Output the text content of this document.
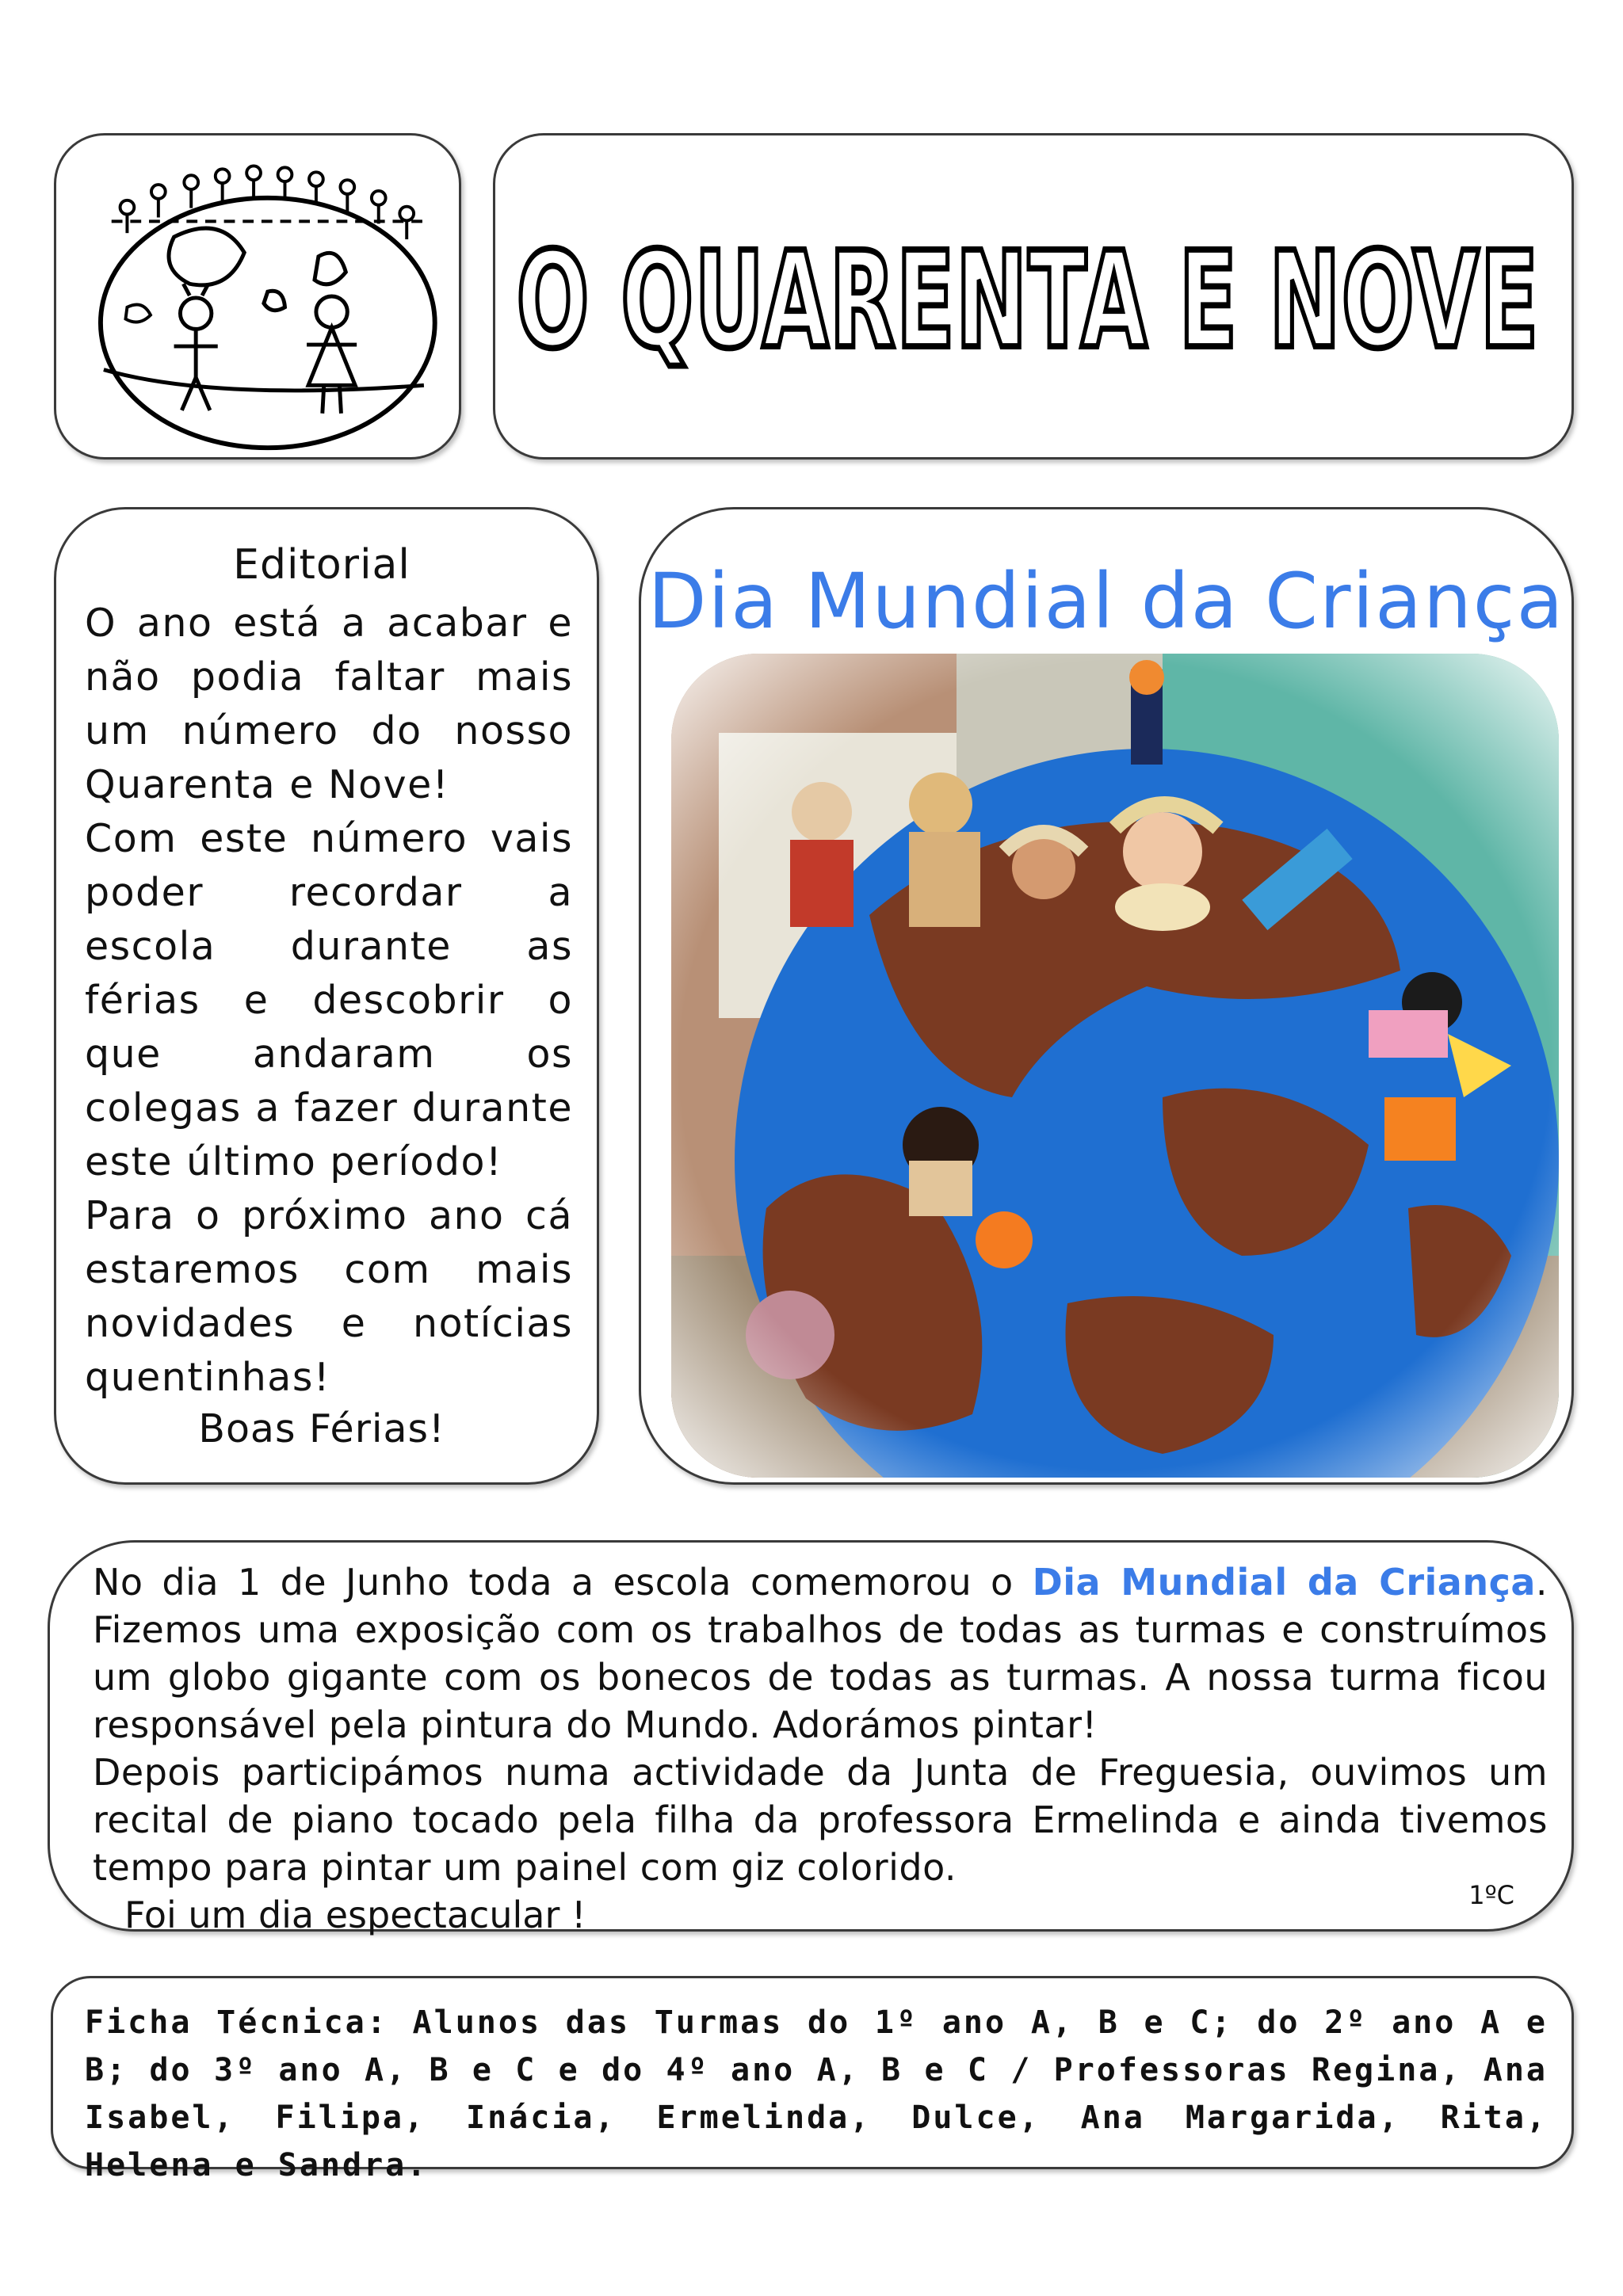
O QUARENTA E NOVE
Editorial

O ano está a acabar e não podia faltar mais um número do nosso Quarenta e Nove!

Com este número vais poder recordar a escola durante as férias e descobrir o que andaram os colegas a fazer durante este último período!

Para o próximo ano cá estaremos com mais novidades e notícias quentinhas!

Boas Férias!
Dia Mundial da Criança

No dia 1 de Junho toda a escola comemorou o Dia Mundial da Criança. Fizemos uma exposição com os trabalhos de todas as turmas e construímos um globo gigante com os bonecos de todas as turmas. A nossa turma ficou responsável pela pintura do Mundo. Adorámos pintar!

Depois participámos numa actividade da Junta de Freguesia, ouvimos um recital de piano tocado pela filha da professora Ermelinda e ainda tivemos tempo para pintar um painel com giz colorido.

Foi um dia espectacular !	1ºC

Ficha Técnica: Alunos das Turmas do 1º ano A, B e C; do 2º ano A e B; do 3º ano A, B e C e do 4º ano A, B e C / Professoras Regina, Ana Isabel, Filipa, Inácia, Ermelinda, Dulce, Ana Margarida, Rita, Helena e Sandra.
